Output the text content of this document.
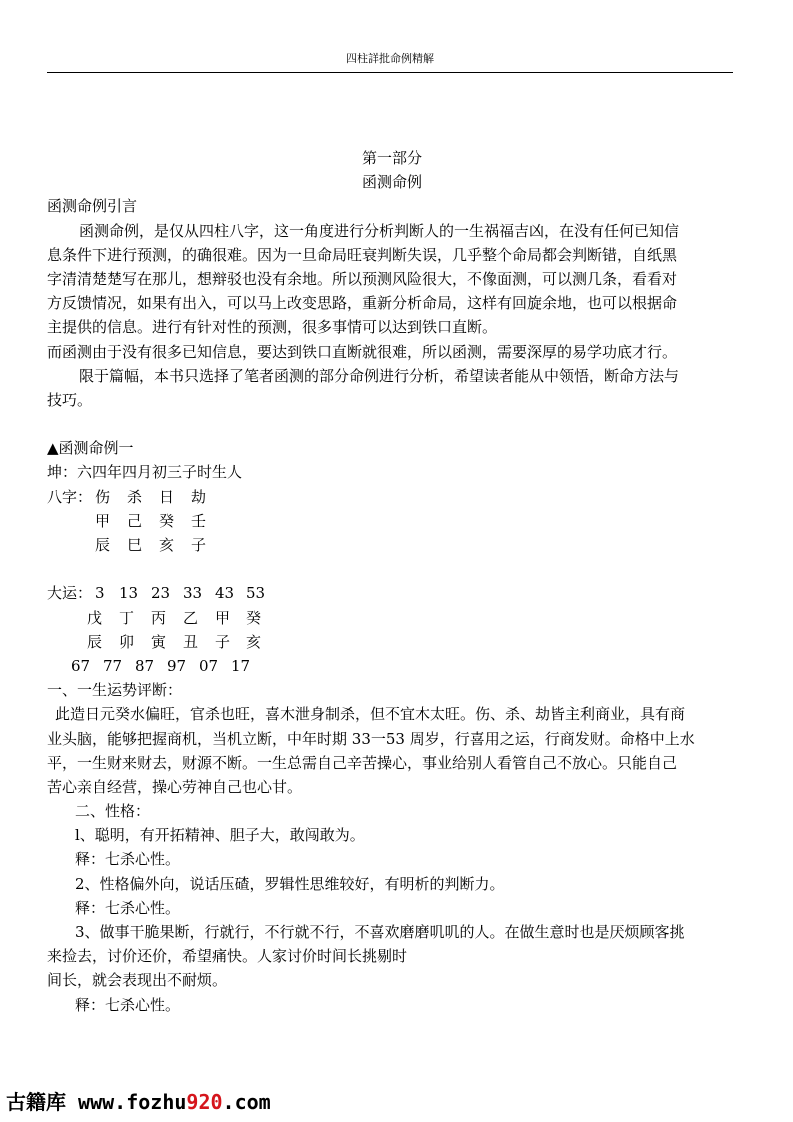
四柱詳批命例精解
第一部分
函测命例
函测命例引言
函测命例，是仅从四柱八字，这一角度进行分析判断人的一生祸福吉凶，在没有任何已知信
息条件下进行预测，的确很难。因为一旦命局旺衰判断失误，几乎整个命局都会判断错，自纸黑
字清清楚楚写在那儿，想辩驳也没有余地。所以预测风险很大，不像面测，可以测几条，看看对
方反馈情况，如果有出入，可以马上改变思路，重新分析命局，这样有回旋余地，也可以根据命
主提供的信息。进行有针对性的预测，很多事情可以达到铁口直断。
而函测由于没有很多已知信息，要达到铁口直断就很难，所以函测，需要深厚的易学功底才行。
限于篇幅，本书只选择了笔者函测的部分命例进行分析，希望读者能从中领悟，断命方法与
技巧。
▲函测命例一
坤：六四年四月初三子时生人
八字： 伤 杀 日 劫
甲 己 癸 壬
辰 巳 亥 子
大运： 3 13 23 33 43 53
戊 丁 丙 乙 甲 癸
辰 卯 寅 丑 子 亥
67 77 87 97 07 17
一、一生运势评断：
此造日元癸水偏旺，官杀也旺，喜木泄身制杀，但不宜木太旺。伤、杀、劫皆主利商业，具有商
业头脑，能够把握商机，当机立断，中年时期 33一53 周岁，行喜用之运，行商发财。命格中上水
平，一生财来财去，财源不断。一生总需自己辛苦操心，事业给别人看管自己不放心。只能自己
苦心亲自经营，操心劳神自己也心甘。
二、性格：
l、聪明，有开拓精神、胆子大，敢闯敢为。
释：七杀心性。
2、性格偏外向，说话压碴，罗辑性思维较好，有明析的判断力。
释：七杀心性。
3、做事干脆果断，行就行，不行就不行，不喜欢磨磨叽叽的人。在做生意时也是厌烦顾客挑
来捡去，讨价还价，希望痛快。人家讨价时间长挑剔时
间长，就会表现出不耐烦。
释：七杀心性。
古籍库 www.fozhu920.com
